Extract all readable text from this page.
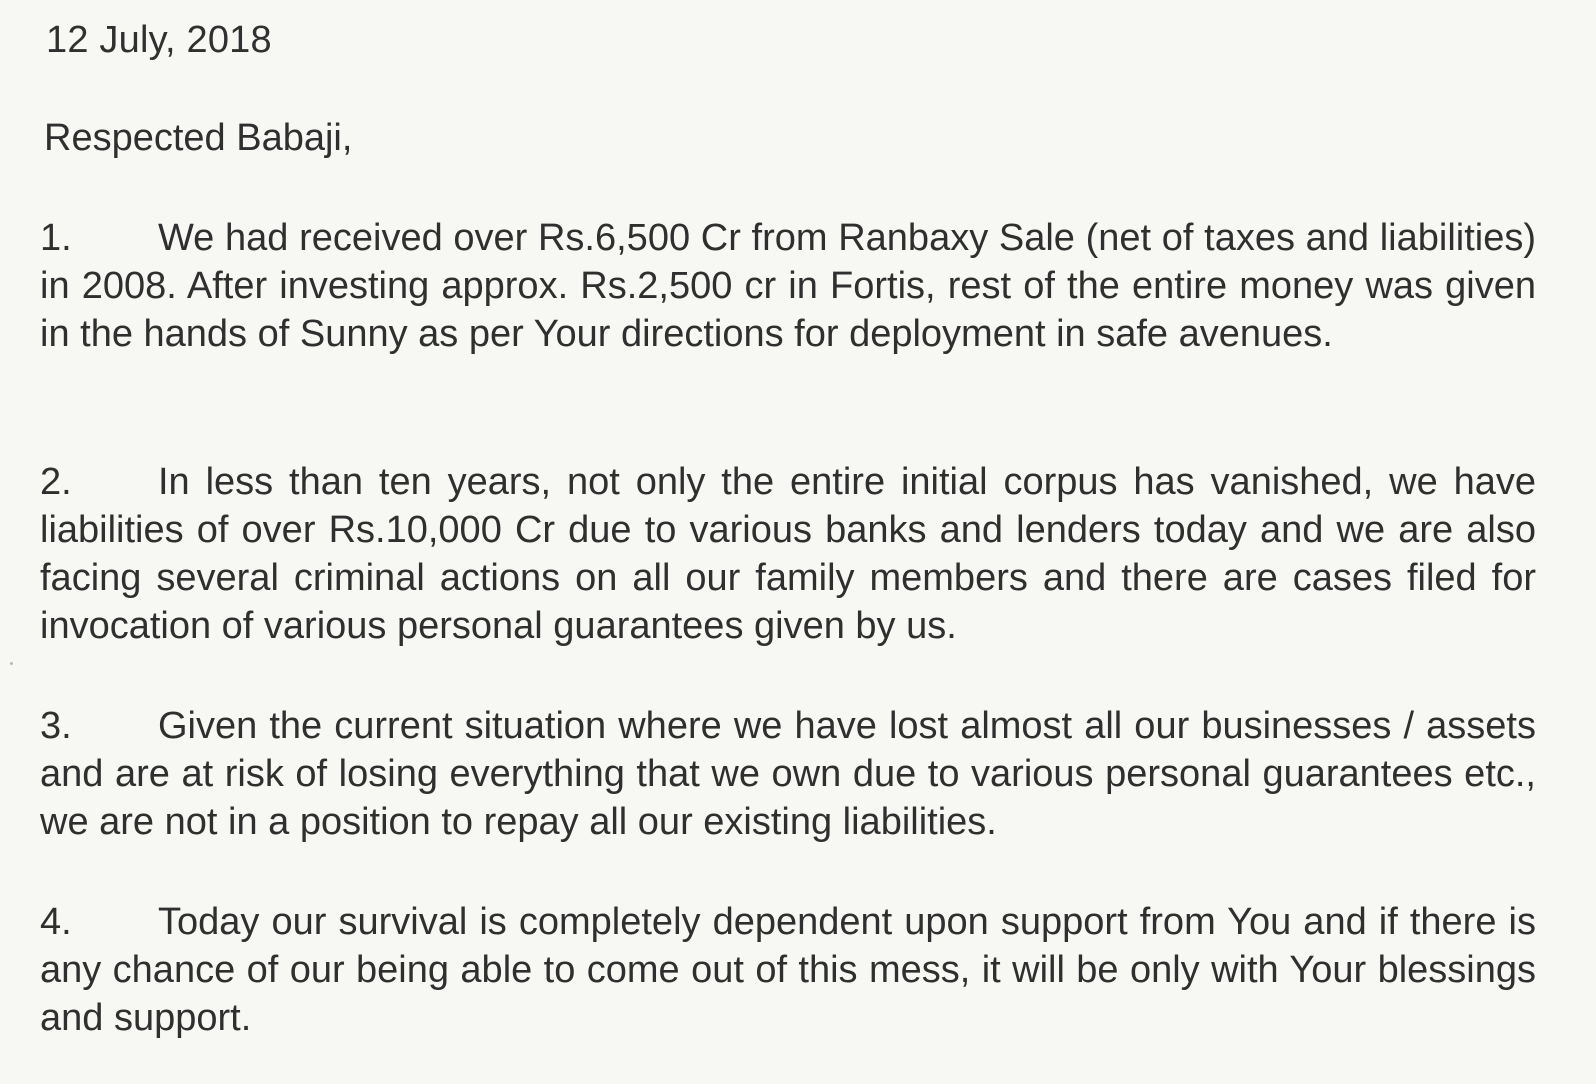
12 July, 2018
Respected Babaji,
1. We had received over Rs.6,500 Cr from Ranbaxy Sale (net of taxes and liabilities) in 2008. After investing approx. Rs.2,500 cr in Fortis, rest of the entire money was given in the hands of Sunny as per Your directions for deployment in safe avenues.
2. In less than ten years, not only the entire initial corpus has vanished, we have liabilities of over Rs.10,000 Cr due to various banks and lenders today and we are also facing several criminal actions on all our family members and there are cases filed for invocation of various personal guarantees given by us.
3. Given the current situation where we have lost almost all our businesses / assets and are at risk of losing everything that we own due to various personal guarantees etc., we are not in a position to repay all our existing liabilities.
4. Today our survival is completely dependent upon support from You and if there is any chance of our being able to come out of this mess, it will be only with Your blessings and support.
